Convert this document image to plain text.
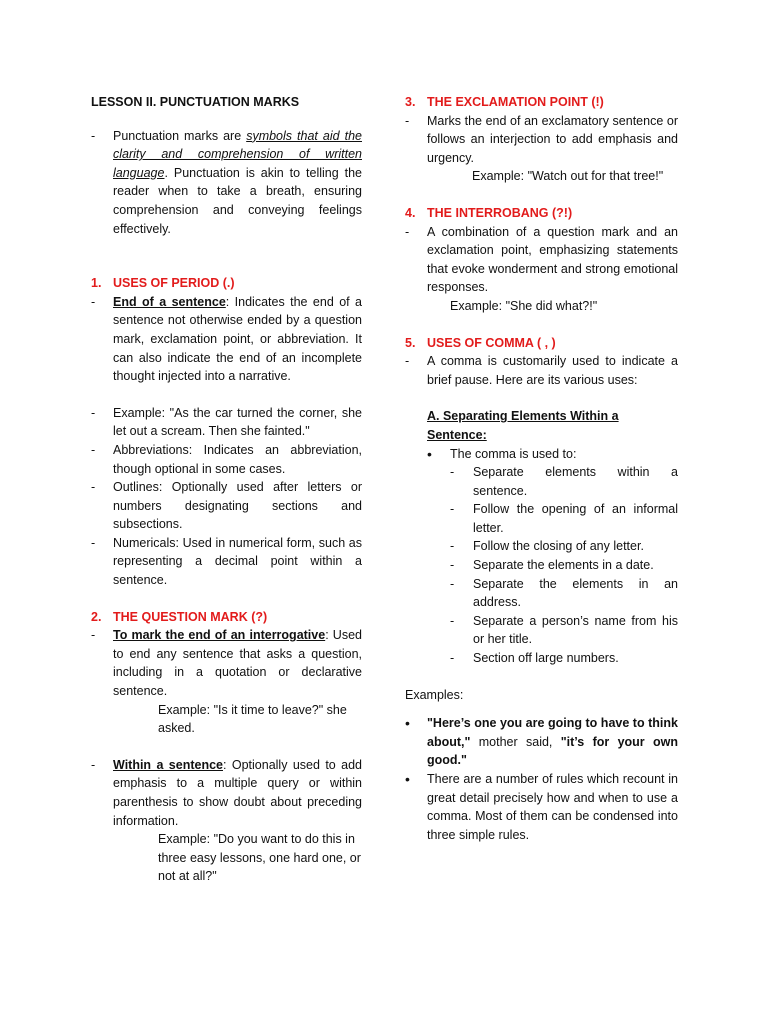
LESSON II. PUNCTUATION MARKS

- Punctuation marks are symbols that aid the clarity and comprehension of written language. Punctuation is akin to telling the reader when to take a breath, ensuring comprehension and conveying feelings effectively.

1. USES OF PERIOD (.)

- End of a sentence: Indicates the end of a sentence not otherwise ended by a question mark, exclamation point, or abbreviation. It can also indicate the end of an incomplete thought injected into a narrative.

- Example: "As the car turned the corner, she let out a scream. Then she fainted."

- Abbreviations: Indicates an abbreviation, though optional in some cases.

- Outlines: Optionally used after letters or numbers designating sections and subsections.

- Numericals: Used in numerical form, such as representing a decimal point within a sentence.

2. THE QUESTION MARK (?)

- To mark the end of an interrogative: Used to end any sentence that asks a question, including in a quotation or declarative sentence.

Example: "Is it time to leave?" she asked.

- Within a sentence: Optionally used to add emphasis to a multiple query or within parenthesis to show doubt about preceding information.

Example: "Do you want to do this in three easy lessons, one hard one, or not at all?"

3. THE EXCLAMATION POINT (!)

- Marks the end of an exclamatory sentence or follows an interjection to add emphasis and urgency.

Example: "Watch out for that tree!"

4. THE INTERROBANG (?!)

- A combination of a question mark and an exclamation point, emphasizing statements that evoke wonderment and strong emotional responses.

Example: "She did what?!"

5. USES OF COMMA ( , )

- A comma is customarily used to indicate a brief pause. Here are its various uses:

A. Separating Elements Within a Sentence:

• The comma is used to:

- Separate elements within a sentence.

- Follow the opening of an informal letter.

- Follow the closing of any letter.

- Separate the elements in a date.

- Separate the elements in an address.

- Separate a person’s name from his or her title.

- Section off large numbers.

Examples:

• "Here’s one you are going to have to think about," mother said, "it’s for your own good."

• There are a number of rules which recount in great detail precisely how and when to use a comma. Most of them can be condensed into three simple rules.
